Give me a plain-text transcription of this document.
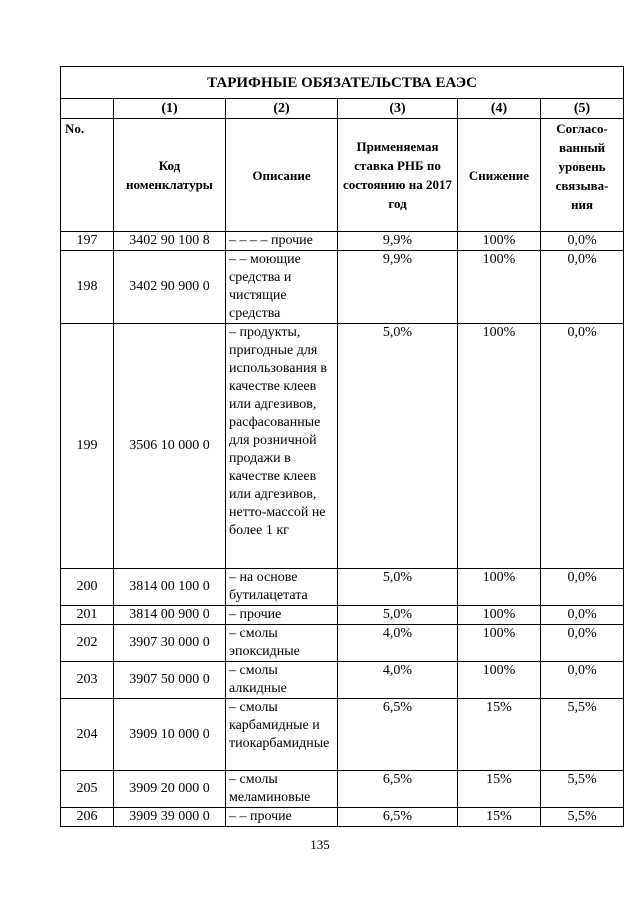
ТАРИФНЫЕ ОБЯЗАТЕЛЬСТВА ЕАЭС					
	(1)	(2)	(3)	(4)	(5)
No.	Код номенклатуры	Описание	Применяемая ставка РНБ по состоянию на 2017 год	Снижение	Согласо-ванный уровень связыва-ния
197	3402 90 100 8	– – – – прочие	9,9%	100%	0,0%
198	3402 90 900 0	– – моющие средства и чистящие средства	9,9%	100%	0,0%
199	3506 10 000 0	– продукты, пригодные для использования в качестве клеев или адгезивов, расфасованные для розничной продажи в качестве клеев или адгезивов, нетто-массой не более 1 кг	5,0%	100%	0,0%
200	3814 00 100 0	– на основе бутилацетата	5,0%	100%	0,0%
201	3814 00 900 0	– прочие	5,0%	100%	0,0%
202	3907 30 000 0	– смолы эпоксидные	4,0%	100%	0,0%
203	3907 50 000 0	– смолы алкидные	4,0%	100%	0,0%
204	3909 10 000 0	– смолы карбамидные и тиокарбамидные	6,5%	15%	5,5%
205	3909 20 000 0	– смолы меламиновые	6,5%	15%	5,5%
206	3909 39 000 0	– – прочие	6,5%	15%	5,5%
135
